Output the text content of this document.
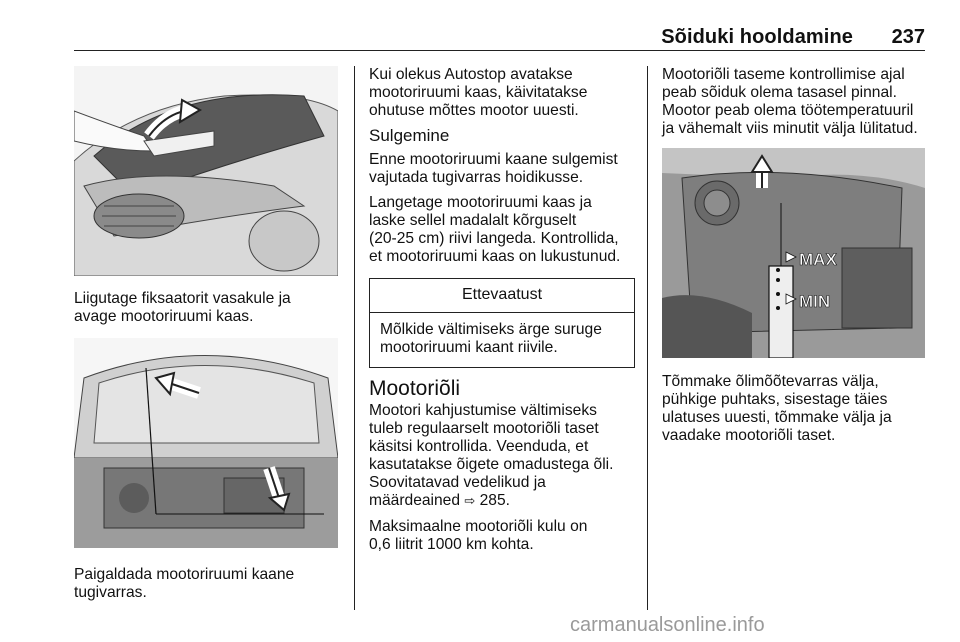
Sõiduki hooldamine 237

Liigutage fiksaatorit vasakule ja
avage mootoriruumi kaas.

Paigaldada mootoriruumi kaane
tugivarras.

Kui olekus Autostop avatakse
mootoriruumi kaas, käivitatakse
ohutuse mõttes mootor uuesti.

Sulgemine

Enne mootoriruumi kaane sulgemist
vajutada tugivarras hoidikusse.

Langetage mootoriruumi kaas ja
laske sellel madalalt kõrguselt
(20-25 cm) riivi langeda. Kontrollida,
et mootoriruumi kaas on lukustunud.

Ettevaatust
Mõlkide vältimiseks ärge suruge
mootoriruumi kaant riivile.
Mootoriõli

Mootori kahjustumise vältimiseks
tuleb regulaarselt mootoriõli taset
käsitsi kontrollida. Veenduda, et
kasutatakse õigete omadustega õli.
Soovitatavad vedelikud ja
määrdeained ⇨ 285.

Maksimaalne mootoriõli kulu on
0,6 liitrit 1000 km kohta.

Mootoriõli taseme kontrollimise ajal
peab sõiduk olema tasasel pinnal.
Mootor peab olema töötemperatuuril
ja vähemalt viis minutit välja lülitatud.

MAX
MIN

Tõmmake õlimõõtevarras välja,
pühkige puhtaks, sisestage täies
ulatuses uuesti, tõmmake välja ja
vaadake mootoriõli taset.

carmanualsonline.info
